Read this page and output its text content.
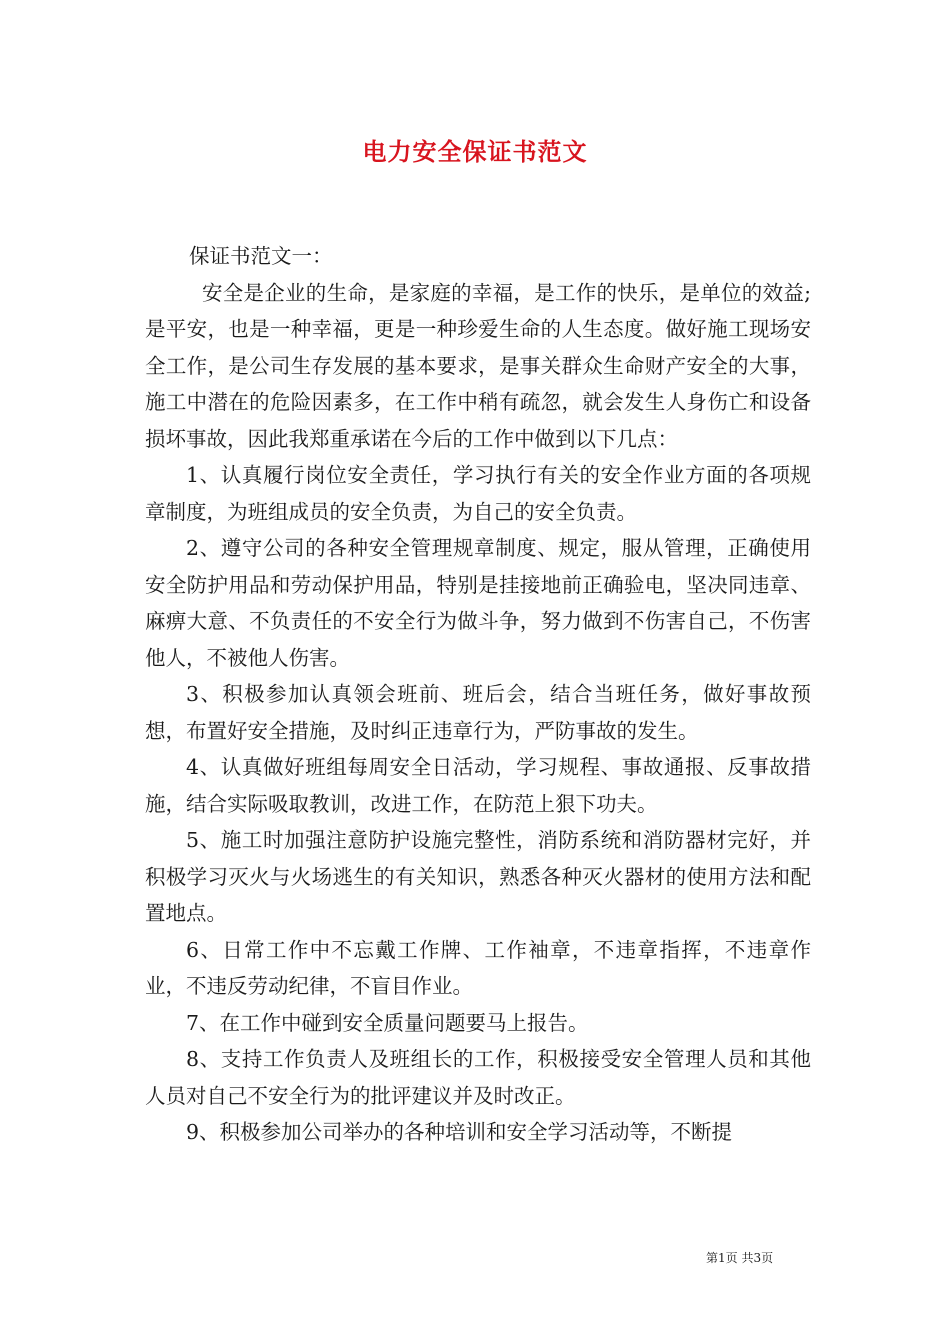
电力安全保证书范文

保证书范文一：

安全是企业的生命，是家庭的幸福，是工作的快乐，是单位的效益;是平安，也是一种幸福，更是一种珍爱生命的人生态度。做好施工现场安全工作，是公司生存发展的基本要求，是事关群众生命财产安全的大事，施工中潜在的危险因素多，在工作中稍有疏忽，就会发生人身伤亡和设备损坏事故，因此我郑重承诺在今后的工作中做到以下几点：

1、认真履行岗位安全责任，学习执行有关的安全作业方面的各项规章制度，为班组成员的安全负责，为自己的安全负责。

2、遵守公司的各种安全管理规章制度、规定，服从管理，正确使用安全防护用品和劳动保护用品，特别是挂接地前正确验电，坚决同违章、麻痹大意、不负责任的不安全行为做斗争，努力做到不伤害自己，不伤害他人，不被他人伤害。

3、积极参加认真领会班前、班后会，结合当班任务，做好事故预想，布置好安全措施，及时纠正违章行为，严防事故的发生。

4、认真做好班组每周安全日活动，学习规程、事故通报、反事故措施，结合实际吸取教训，改进工作，在防范上狠下功夫。

5、施工时加强注意防护设施完整性，消防系统和消防器材完好，并积极学习灭火与火场逃生的有关知识，熟悉各种灭火器材的使用方法和配置地点。

6、日常工作中不忘戴工作牌、工作袖章，不违章指挥，不违章作业，不违反劳动纪律，不盲目作业。

7、在工作中碰到安全质量问题要马上报告。

8、支持工作负责人及班组长的工作，积极接受安全管理人员和其他人员对自己不安全行为的批评建议并及时改正。

9、积极参加公司举办的各种培训和安全学习活动等，不断提

第1页 共3页
